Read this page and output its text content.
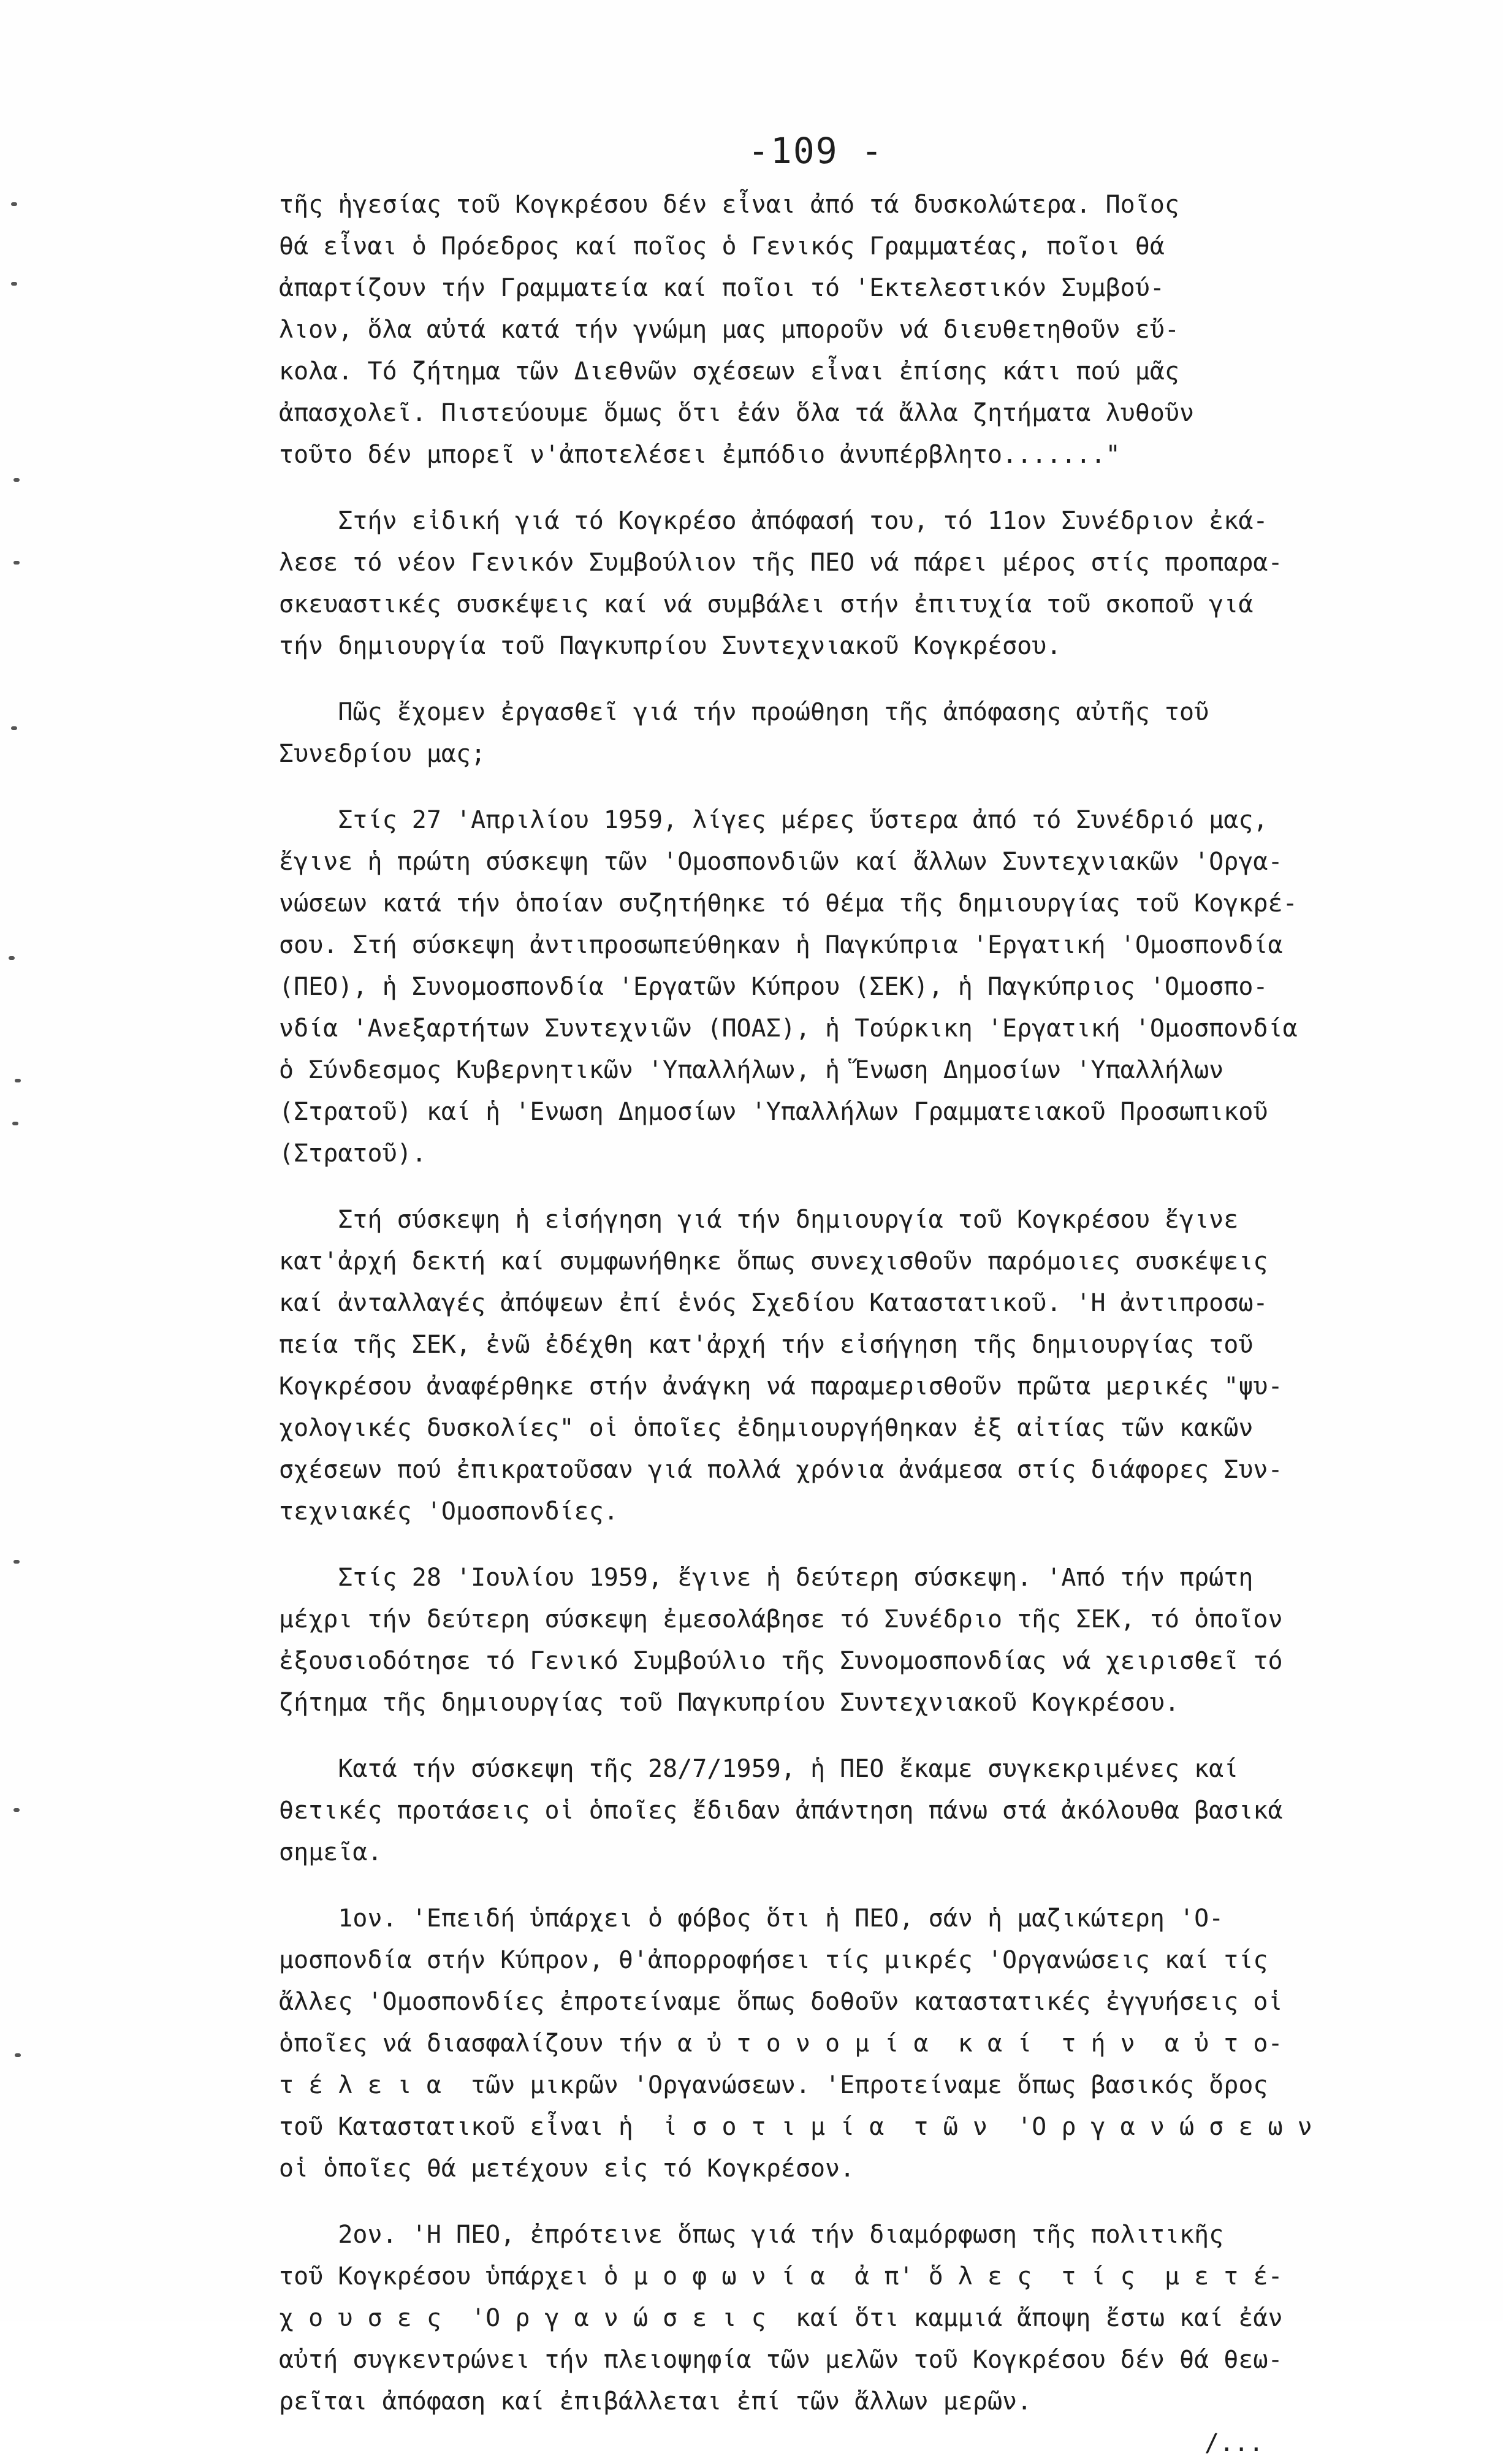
-109 -
τῆς ἡγεσίας τοῦ Κογκρέσου δέν εἶναι ἀπό τά δυσκολώτερα. Ποῖος
θά εἶναι ὁ Πρόεδρος καί ποῖος ὁ Γενικός Γραμματέας, ποῖοι θά
ἀπαρτίζουν τήν Γραμματεία καί ποῖοι τό 'Εκτελεστικόν Συμβού-
λιον, ὅλα αὐτά κατά τήν γνώμη μας μποροῦν νά διευθετηθοῦν εὔ-
κολα. Τό ζήτημα τῶν Διεθνῶν σχέσεων εἶναι ἐπίσης κάτι πού μᾶς
ἀπασχολεῖ. Πιστεύουμε ὅμως ὅτι ἐάν ὅλα τά ἄλλα ζητήματα λυθοῦν
τοῦτο δέν μπορεῖ ν'ἀποτελέσει ἐμπόδιο ἀνυπέρβλητο......."
Στήν εἰδική γιά τό Κογκρέσο ἀπόφασή του, τό 11ον Συνέδριον ἐκά-
λεσε τό νέον Γενικόν Συμβούλιον τῆς ΠΕΟ νά πάρει μέρος στίς προπαρα-
σκευαστικές συσκέψεις καί νά συμβάλει στήν ἐπιτυχία τοῦ σκοποῦ γιά
τήν δημιουργία τοῦ Παγκυπρίου Συντεχνιακοῦ Κογκρέσου.
Πῶς ἔχομεν ἐργασθεῖ γιά τήν προώθηση τῆς ἀπόφασης αὐτῆς τοῦ
Συνεδρίου μας;
Στίς 27 'Απριλίου 1959, λίγες μέρες ὕστερα ἀπό τό Συνέδριό μας,
ἔγινε ἡ πρώτη σύσκεψη τῶν 'Ομοσπονδιῶν καί ἄλλων Συντεχνιακῶν 'Οργα-
νώσεων κατά τήν ὁποίαν συζητήθηκε τό θέμα τῆς δημιουργίας τοῦ Κογκρέ-
σου. Στή σύσκεψη ἀντιπροσωπεύθηκαν ἡ Παγκύπρια 'Εργατική 'Ομοσπονδία
(ΠΕΟ), ἡ Συνομοσπονδία 'Εργατῶν Κύπρου (ΣΕΚ), ἡ Παγκύπριος 'Ομοσπο-
νδία 'Ανεξαρτήτων Συντεχνιῶν (ΠΟΑΣ), ἡ Τούρκικη 'Εργατική 'Ομοσπονδία
ὁ Σύνδεσμος Κυβερνητικῶν 'Υπαλλήλων, ἡ Ἕνωση Δημοσίων 'Υπαλλήλων
(Στρατοῦ) καί ἡ 'Ενωση Δημοσίων 'Υπαλλήλων Γραμματειακοῦ Προσωπικοῦ
(Στρατοῦ).
Στή σύσκεψη ἡ εἰσήγηση γιά τήν δημιουργία τοῦ Κογκρέσου ἔγινε
κατ'ἀρχή δεκτή καί συμφωνήθηκε ὅπως συνεχισθοῦν παρόμοιες συσκέψεις
καί ἀνταλλαγές ἀπόψεων ἐπί ἑνός Σχεδίου Καταστατικοῦ. 'Η ἀντιπροσω-
πεία τῆς ΣΕΚ, ἐνῶ ἐδέχθη κατ'ἀρχή τήν εἰσήγηση τῆς δημιουργίας τοῦ
Κογκρέσου ἀναφέρθηκε στήν ἀνάγκη νά παραμερισθοῦν πρῶτα μερικές "ψυ-
χολογικές δυσκολίες" οἱ ὁποῖες ἐδημιουργήθηκαν ἐξ αἰτίας τῶν κακῶν
σχέσεων πού ἐπικρατοῦσαν γιά πολλά χρόνια ἀνάμεσα στίς διάφορες Συν-
τεχνιακές 'Ομοσπονδίες.
Στίς 28 'Ιουλίου 1959, ἔγινε ἡ δεύτερη σύσκεψη. 'Από τήν πρώτη
μέχρι τήν δεύτερη σύσκεψη ἐμεσολάβησε τό Συνέδριο τῆς ΣΕΚ, τό ὁποῖον
ἐξουσιοδότησε τό Γενικό Συμβούλιο τῆς Συνομοσπονδίας νά χειρισθεῖ τό
ζήτημα τῆς δημιουργίας τοῦ Παγκυπρίου Συντεχνιακοῦ Κογκρέσου.
Κατά τήν σύσκεψη τῆς 28/7/1959, ἡ ΠΕΟ ἔκαμε συγκεκριμένες καί
θετικές προτάσεις οἱ ὁποῖες ἔδιδαν ἀπάντηση πάνω στά ἀκόλουθα βασικά
σημεῖα.
1ον. 'Επειδή ὑπάρχει ὁ φόβος ὅτι ἡ ΠΕΟ, σάν ἡ μαζικώτερη 'Ο-
μοσπονδία στήν Κύπρον, θ'ἀπορροφήσει τίς μικρές 'Οργανώσεις καί τίς
ἄλλες 'Ομοσπονδίες ἐπροτείναμε ὅπως δοθοῦν καταστατικές ἐγγυήσεις οἱ
ὁποῖες νά διασφαλίζουν τήν α ὐ τ ο ν ο μ ί α  κ α ί  τ ή ν  α ὐ τ ο-
τ έ λ ε ι α  τῶν μικρῶν 'Οργανώσεων. 'Επροτείναμε ὅπως βασικός ὅρος
τοῦ Καταστατικοῦ εἶναι ἡ  ἰ σ ο τ ι μ ί α  τ ῶ ν  'Ο ρ γ α ν ώ σ ε ω ν
οἱ ὁποῖες θά μετέχουν εἰς τό Κογκρέσον.
2ον. 'Η ΠΕΟ, ἐπρότεινε ὅπως γιά τήν διαμόρφωση τῆς πολιτικῆς
τοῦ Κογκρέσου ὑπάρχει ὁ μ ο φ ω ν ί α  ἀ π' ὅ λ ε ς  τ ί ς  μ ε τ έ-
χ ο υ σ ε ς  'Ο ρ γ α ν ώ σ ε ι ς  καί ὅτι καμμιά ἄποψη ἔστω καί ἐάν
αὐτή συγκεντρώνει τήν πλειοψηφία τῶν μελῶν τοῦ Κογκρέσου δέν θά θεω-
ρεῖται ἀπόφαση καί ἐπιβάλλεται ἐπί τῶν ἄλλων μερῶν.
/...
